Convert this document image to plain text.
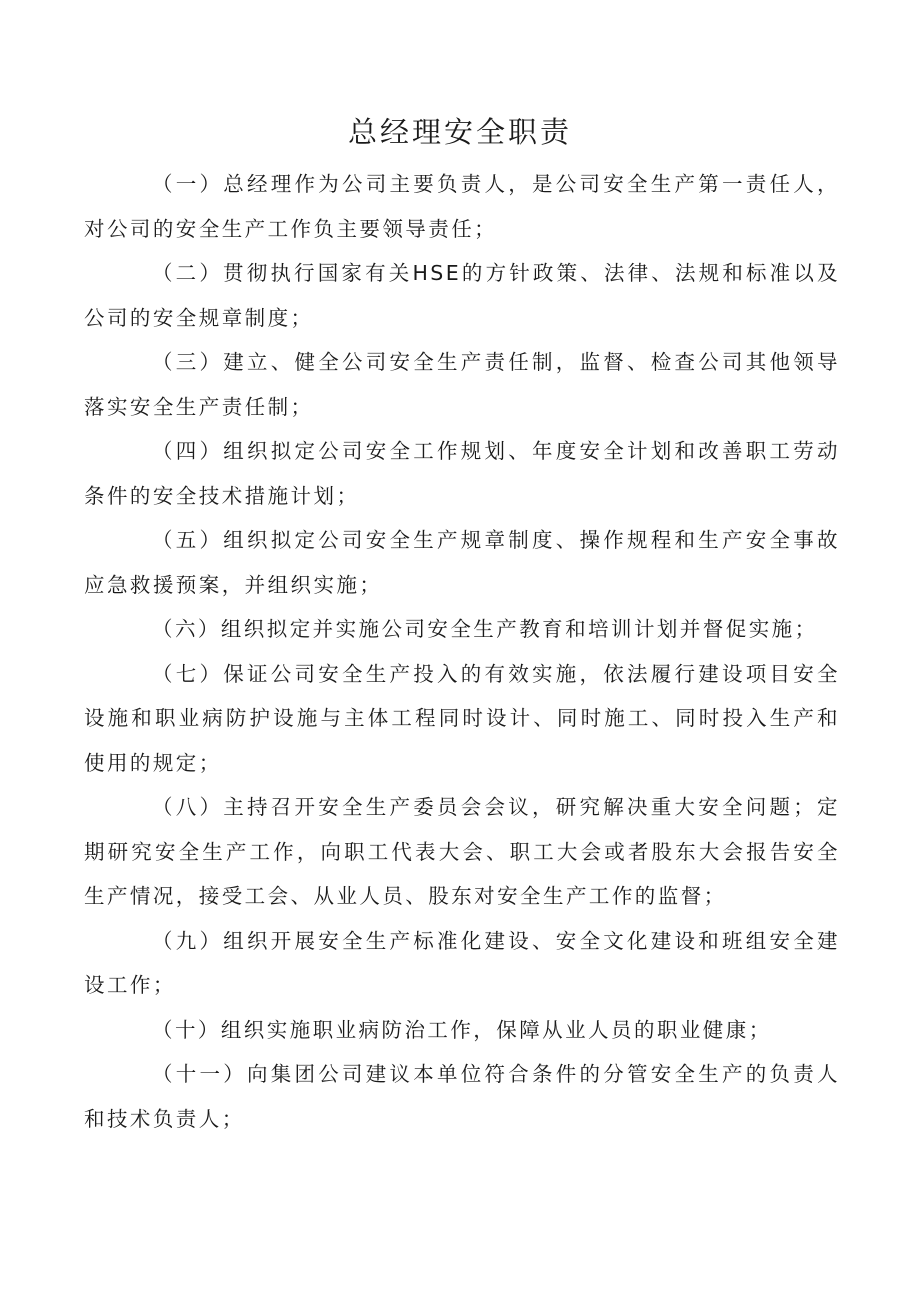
总经理安全职责

（一）总经理作为公司主要负责人，是公司安全生产第一责任人，对公司的安全生产工作负主要领导责任；

（二）贯彻执行国家有关HSE的方针政策、法律、法规和标准以及公司的安全规章制度；

（三）建立、健全公司安全生产责任制，监督、检查公司其他领导落实安全生产责任制；

（四）组织拟定公司安全工作规划、年度安全计划和改善职工劳动条件的安全技术措施计划；

（五）组织拟定公司安全生产规章制度、操作规程和生产安全事故应急救援预案，并组织实施；

（六）组织拟定并实施公司安全生产教育和培训计划并督促实施；

（七）保证公司安全生产投入的有效实施，依法履行建设项目安全设施和职业病防护设施与主体工程同时设计、同时施工、同时投入生产和使用的规定；

（八）主持召开安全生产委员会会议，研究解决重大安全问题；定期研究安全生产工作，向职工代表大会、职工大会或者股东大会报告安全生产情况，接受工会、从业人员、股东对安全生产工作的监督；

（九）组织开展安全生产标准化建设、安全文化建设和班组安全建设工作；

（十）组织实施职业病防治工作，保障从业人员的职业健康；

（十一）向集团公司建议本单位符合条件的分管安全生产的负责人和技术负责人；
